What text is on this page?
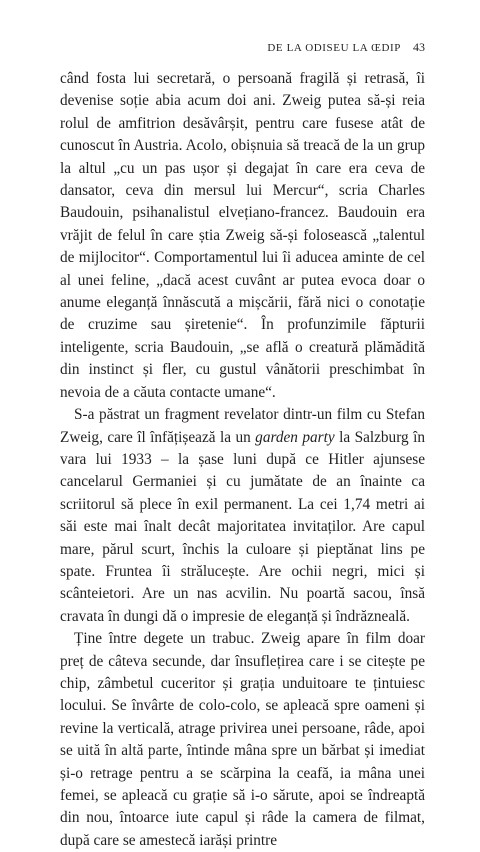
DE LA ODISEU LA ŒDIP 43

când fosta lui secretară, o persoană fragilă și retrasă, îi devenise soție abia acum doi ani. Zweig putea să-și reia rolul de amfitrion desăvârșit, pentru care fusese atât de cunoscut în Austria. Acolo, obișnuia să treacă de la un grup la altul „cu un pas ușor și degajat în care era ceva de dansator, ceva din mersul lui Mercur“, scria Charles Baudouin, psihanalistul elvețiano-francez. Baudouin era vrăjit de felul în care știa Zweig să-și folosească „talentul de mijlocitor“. Comportamentul lui îi aducea aminte de cel al unei feline, „dacă acest cuvânt ar putea evoca doar o anume eleganță înnăscută a mișcării, fără nici o conotație de cruzime sau șiretenie“. În profunzimile făpturii inteligente, scria Baudouin, „se află o creatură plămădită din instinct și fler, cu gustul vânătorii preschimbat în nevoia de a căuta contacte umane“.

S-a păstrat un fragment revelator dintr-un film cu Stefan Zweig, care îl înfățișează la un garden party la Salzburg în vara lui 1933 – la șase luni după ce Hitler ajunsese cancelarul Germaniei și cu jumătate de an înainte ca scriitorul să plece în exil permanent. La cei 1,74 metri ai săi este mai înalt decât majoritatea invitaților. Are capul mare, părul scurt, închis la culoare și pieptănat lins pe spate. Fruntea îi strălucește. Are ochii negri, mici și scânteietori. Are un nas acvilin. Nu poartă sacou, însă cravata în dungi dă o impresie de eleganță și îndrăzneală.

Ține între degete un trabuc. Zweig apare în film doar preț de câteva secunde, dar însuflețirea care i se citește pe chip, zâmbetul cuceritor și grația unduitoare te țintuiesc locului. Se învârte de colo-colo, se apleacă spre oameni și revine la verticală, atrage privirea unei persoane, râde, apoi se uită în altă parte, întinde mâna spre un bărbat și imediat și-o retrage pentru a se scărpina la ceafă, ia mâna unei femei, se apleacă cu grație să i-o sărute, apoi se îndreaptă din nou, întoarce iute capul și râde la camera de filmat, după care se amestecă iarăși printre
